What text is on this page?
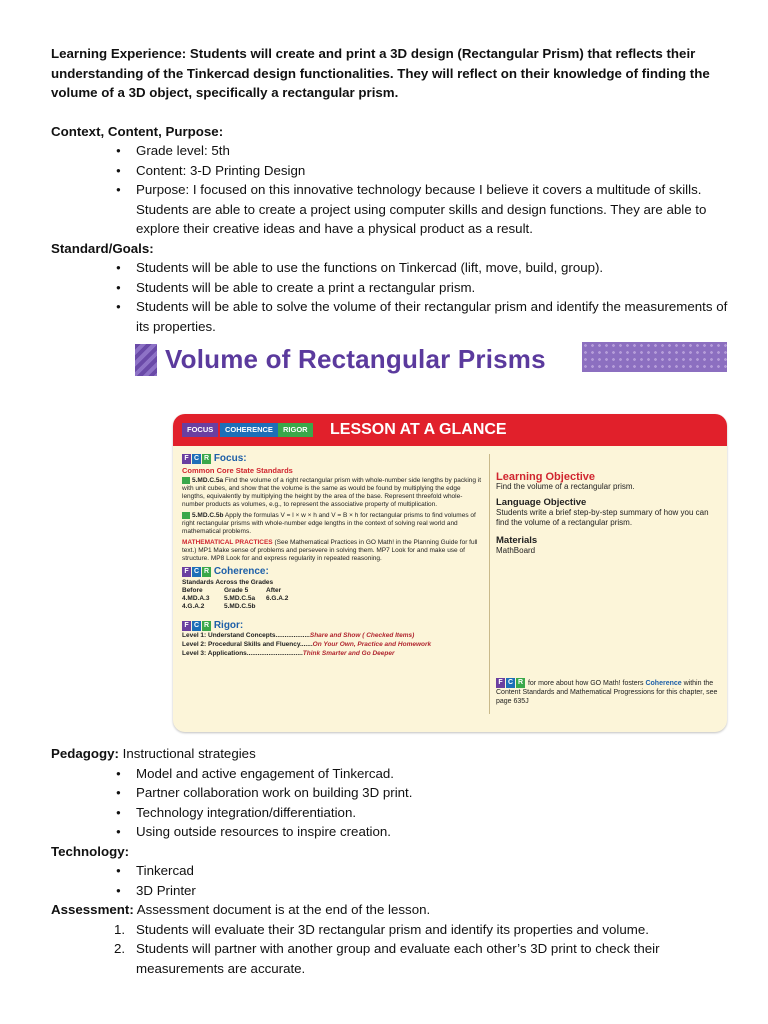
Learning Experience: Students will create and print a 3D design (Rectangular Prism) that reflects their understanding of the Tinkercad design functionalities. They will reflect on their knowledge of finding the volume of a 3D object, specifically a rectangular prism.

Context, Content, Purpose:
● Grade level: 5th
● Content: 3-D Printing Design
● Purpose: I focused on this innovative technology because I believe it covers a multitude of skills. Students are able to create a project using computer skills and design functions. They are able to explore their creative ideas and have a physical product as a result.
Standard/Goals:
● Students will be able to use the functions on Tinkercad (lift, move, build, group).
● Students will be able to create a print a rectangular prism.
● Students will be able to solve the volume of their rectangular prism and identify the measurements of its properties.
Volume of Rectangular Prisms
FOCUS	COHERENCE	RIGOR	LESSON AT A GLANCE
F C R Focus:
Common Core State Standards
5.MD.C.5a Find the volume of a right rectangular prism with whole-number side lengths by packing it with unit cubes, and show that the volume is the same as would be found by multiplying the edge lengths, equivalently by multiplying the height by the area of the base. Represent threefold whole-number products as volumes, e.g., to represent the associative property of multiplication.
5.MD.C.5b Apply the formulas V = l × w × h and V = B × h for rectangular prisms to find volumes of right rectangular prisms with whole-number edge lengths in the context of solving real world and mathematical problems.
MATHEMATICAL PRACTICES (See Mathematical Practices in GO Math! in the Planning Guide for full text.) MP1 Make sense of problems and persevere in solving them. MP7 Look for and make use of structure. MP8 Look for and express regularity in repeated reasoning.
F C R Coherence:
Standards Across the Grades
Before	Grade 5	After
4.MD.A.3	5.MD.C.5a	6.G.A.2
4.G.A.2	5.MD.C.5b
F C R Rigor:
Level 1: Understand Concepts...................Share and Show ( Checked Items)
Level 2: Procedural Skills and Fluency.......On Your Own, Practice and Homework
Level 3: Applications...............................Think Smarter and Go Deeper
Learning Objective
Find the volume of a rectangular prism.
Language Objective
Students write a brief step-by-step summary of how you can find the volume of a rectangular prism.
Materials
MathBoard
F C R for more about how GO Math! fosters Coherence within the Content Standards and Mathematical Progressions for this chapter, see page 635J
Pedagogy: Instructional strategies
● Model and active engagement of Tinkercad.
● Partner collaboration work on building 3D print.
● Technology integration/differentiation.
● Using outside resources to inspire creation.
Technology:
● Tinkercad
● 3D Printer
Assessment: Assessment document is at the end of the lesson.
1. Students will evaluate their 3D rectangular prism and identify its properties and volume.
2. Students will partner with another group and evaluate each other’s 3D print to check their measurements are accurate.
